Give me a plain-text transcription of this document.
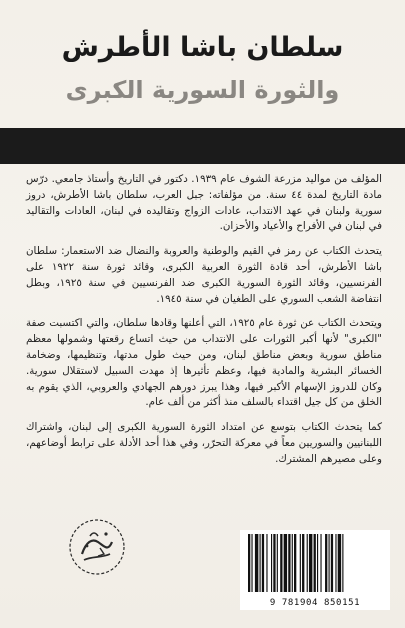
سلطان باشا الأطرش
والثورة السورية الكبرى

المؤلف من مواليد مزرعة الشوف عام ١٩٣٩. دكتور في التاريخ وأستاذ جامعي. درّس مادة التاريخ لمدة ٤٤ سنة. من مؤلفاته: جبل العرب، سلطان باشا الأطرش، دروز سورية ولبنان في عهد الانتداب، عادات الزواج وتقاليده في لبنان، العادات والتقاليد في لبنان في الأفراح والأعياد والأحزان.

يتحدث الكتاب عن رمز في القيم والوطنية والعروبة والنضال ضد الاستعمار: سلطان باشا الأطرش، أحد قادة الثورة العربية الكبرى، وقائد ثورة سنة ١٩٢٢ على الفرنسيين، وقائد الثورة السورية الكبرى ضد الفرنسيين في سنة ١٩٢٥، وبطل انتفاضة الشعب السوري على الطغيان في سنة ١٩٤٥.

ويتحدث الكتاب عن ثورة عام ١٩٢٥، التي أعلنها وقادها سلطان، والتي اكتسبت صفة "الكبرى" لأنها أكبر الثورات على الانتداب من حيث اتساع رقعتها وشمولها معظم مناطق سورية وبعض مناطق لبنان، ومن حيث طول مدتها، وتنظيمها، وضخامة الخسائر البشرية والمادية فيها، وعظم تأثيرها إذ مهدت السبيل لاستقلال سورية. وكان للدروز الإسهام الأكبر فيها، وهذا يبرز دورهم الجهادي والعروبي، الذي يقوم به الخلق من كل جيل اقتداء بالسلف منذ أكثر من ألف عام.

كما يتحدث الكتاب بتوسع عن امتداد الثورة السورية الكبرى إلى لبنان، واشتراك اللبنانيين والسوريين معاً في معركة التحرّر، وفي هذا أحد الأدلة على ترابط أوضاعهم، وعلى مصيرهم المشترك.

9 781904 850151
